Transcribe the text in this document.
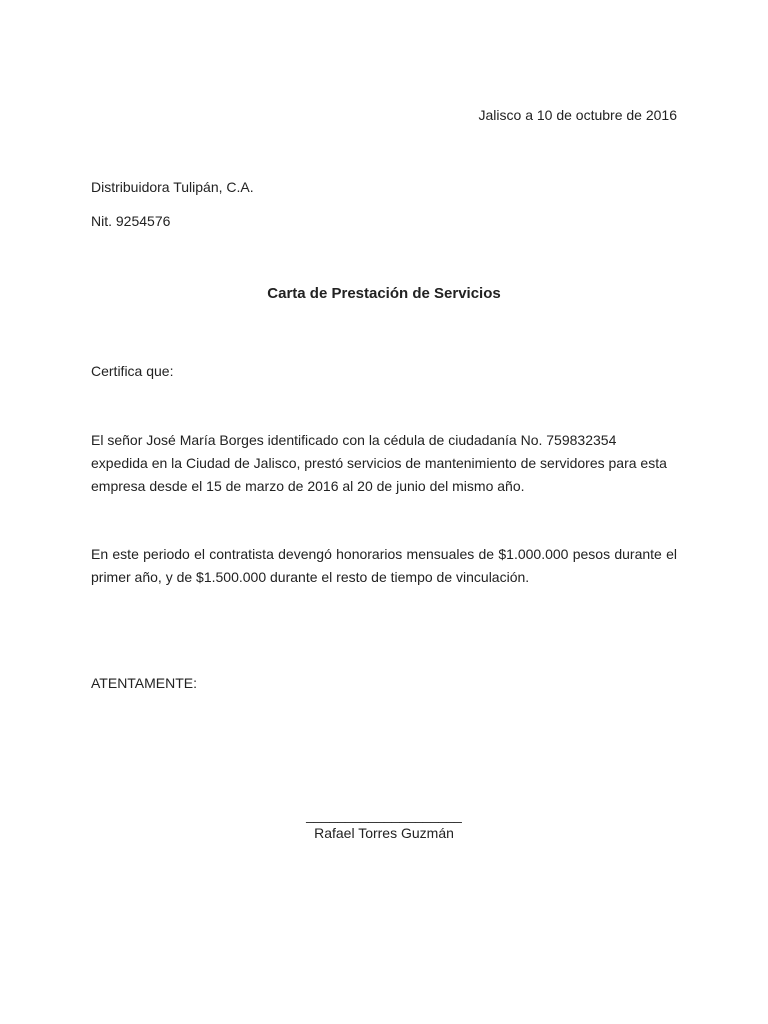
Jalisco a 10 de octubre de 2016
Distribuidora Tulipán, C.A.
Nit. 9254576
Carta de Prestación de Servicios
Certifica que:
El señor José María Borges identificado con la cédula de ciudadanía No. 759832354 expedida en la Ciudad de Jalisco, prestó servicios de mantenimiento de servidores para esta empresa desde el 15 de marzo de 2016 al 20 de junio del mismo año.
En este periodo el contratista devengó honorarios mensuales de $1.000.000 pesos durante el primer año, y de $1.500.000 durante el resto de tiempo de vinculación.
ATENTAMENTE:
____________________
Rafael Torres Guzmán
